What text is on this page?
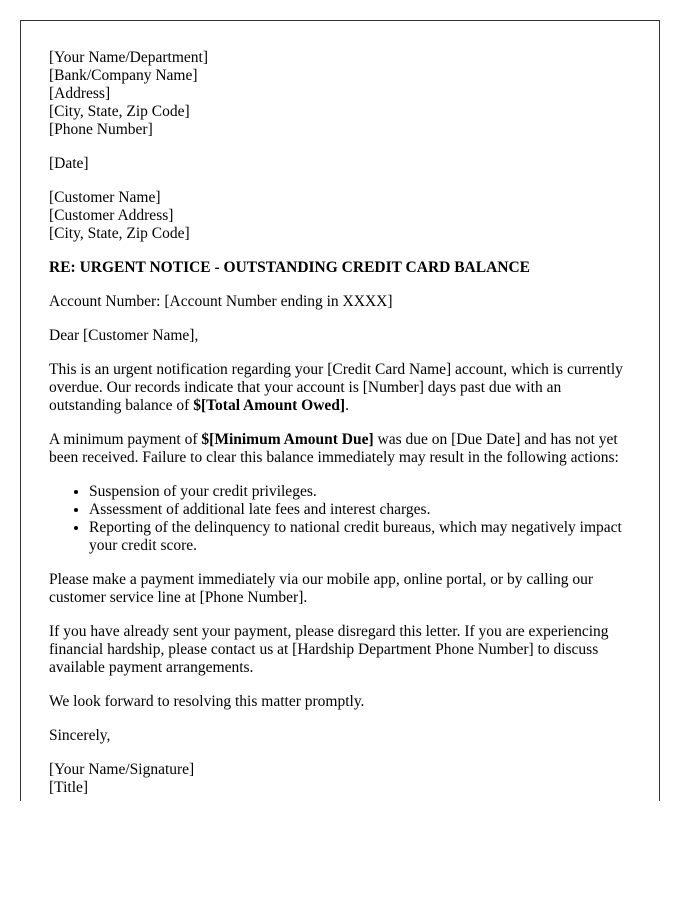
[Your Name/Department]
[Bank/Company Name]
[Address]
[City, State, Zip Code]
[Phone Number]

[Date]

[Customer Name]
[Customer Address]
[City, State, Zip Code]

RE: URGENT NOTICE - OUTSTANDING CREDIT CARD BALANCE

Account Number: [Account Number ending in XXXX]

Dear [Customer Name],

This is an urgent notification regarding your [Credit Card Name] account, which is currently overdue. Our records indicate that your account is [Number] days past due with an outstanding balance of $[Total Amount Owed].

A minimum payment of $[Minimum Amount Due] was due on [Due Date] and has not yet been received. Failure to clear this balance immediately may result in the following actions:

• Suspension of your credit privileges.
• Assessment of additional late fees and interest charges.
• Reporting of the delinquency to national credit bureaus, which may negatively impact your credit score.

Please make a payment immediately via our mobile app, online portal, or by calling our customer service line at [Phone Number].

If you have already sent your payment, please disregard this letter. If you are experiencing financial hardship, please contact us at [Hardship Department Phone Number] to discuss available payment arrangements.

We look forward to resolving this matter promptly.

Sincerely,

[Your Name/Signature]
[Title]
